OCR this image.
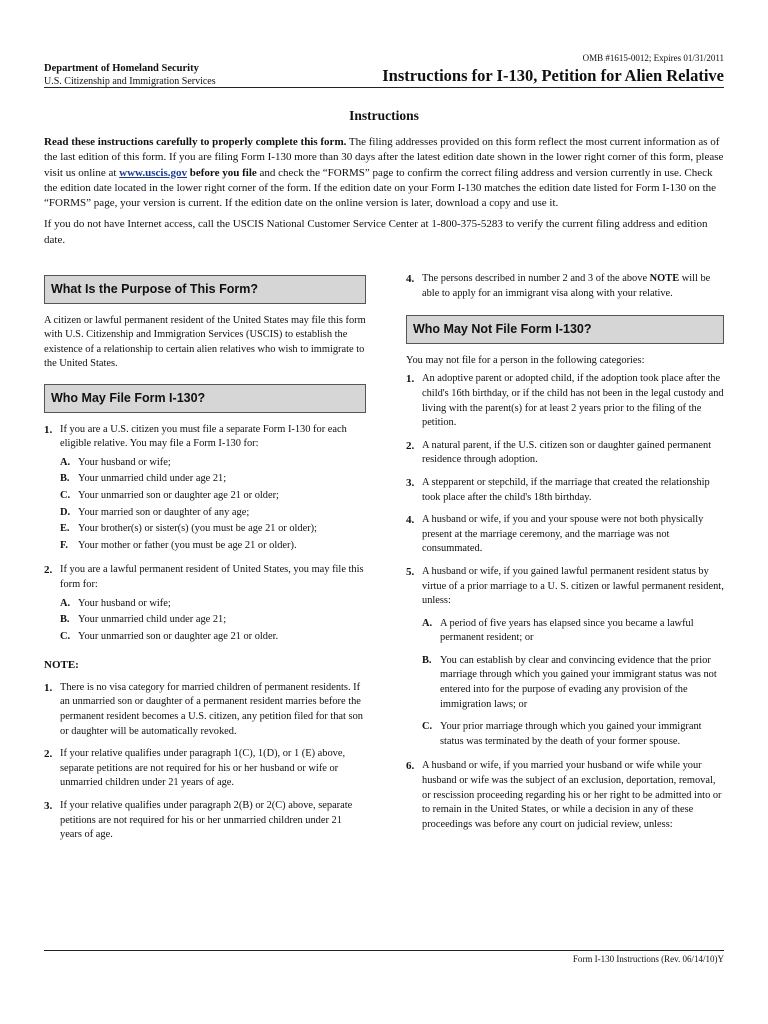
Department of Homeland Security
U.S. Citizenship and Immigration Services
OMB #1615-0012; Expires 01/31/2011
Instructions for I-130, Petition for Alien Relative
Instructions

Read these instructions carefully to properly complete this form. The filing addresses provided on this form reflect the most current information as of the last edition of this form. If you are filing Form I-130 more than 30 days after the latest edition date shown in the lower right corner of this form, please visit us online at www.uscis.gov before you file and check the “FORMS” page to confirm the correct filing address and version currently in use. Check the edition date located in the lower right corner of the form. If the edition date on your Form I-130 matches the edition date listed for Form I-130 on the “FORMS” page, your version is current. If the edition date on the online version is later, download a copy and use it.

If you do not have Internet access, call the USCIS National Customer Service Center at 1-800-375-5283 to verify the current filing address and edition date.

What Is the Purpose of This Form?

A citizen or lawful permanent resident of the United States may file this form with U.S. Citizenship and Immigration Services (USCIS) to establish the existence of a relationship to certain alien relatives who wish to immigrate to the United States.

Who May File Form I-130?
1. If you are a U.S. citizen you must file a separate Form I-130 for each eligible relative. You may file a Form I-130 for:
A. Your husband or wife;
B. Your unmarried child under age 21;
C. Your unmarried son or daughter age 21 or older;
D. Your married son or daughter of any age;
E. Your brother(s) or sister(s) (you must be age 21 or older);
F. Your mother or father (you must be age 21 or older).
2. If you are a lawful permanent resident of United States, you may file this form for:
A. Your husband or wife;
B. Your unmarried child under age 21;
C. Your unmarried son or daughter age 21 or older.
NOTE:
1. There is no visa category for married children of permanent residents. If an unmarried son or daughter of a permanent resident marries before the permanent resident becomes a U.S. citizen, any petition filed for that son or daughter will be automatically revoked.
2. If your relative qualifies under paragraph 1(C), 1(D), or 1 (E) above, separate petitions are not required for his or her husband or wife or unmarried children under 21 years of age.
3. If your relative qualifies under paragraph 2(B) or 2(C) above, separate petitions are not required for his or her unmarried children under 21 years of age.
4. The persons described in number 2 and 3 of the above NOTE will be able to apply for an immigrant visa along with your relative.
Who May Not File Form I-130?

You may not file for a person in the following categories:

1. An adoptive parent or adopted child, if the adoption took place after the child's 16th birthday, or if the child has not been in the legal custody and living with the parent(s) for at least 2 years prior to the filing of the petition.
2. A natural parent, if the U.S. citizen son or daughter gained permanent residence through adoption.
3. A stepparent or stepchild, if the marriage that created the relationship took place after the child's 18th birthday.
4. A husband or wife, if you and your spouse were not both physically present at the marriage ceremony, and the marriage was not consummated.
5. A husband or wife, if you gained lawful permanent resident status by virtue of a prior marriage to a U. S. citizen or lawful permanent resident, unless:
A. A period of five years has elapsed since you became a lawful permanent resident; or
B. You can establish by clear and convincing evidence that the prior marriage through which you gained your immigrant status was not entered into for the purpose of evading any provision of the immigration laws; or
C. Your prior marriage through which you gained your immigrant status was terminated by the death of your former spouse.
6. A husband or wife, if you married your husband or wife while your husband or wife was the subject of an exclusion, deportation, removal, or rescission proceeding regarding his or her right to be admitted into or to remain in the United States, or while a decision in any of these proceedings was before any court on judicial review, unless:
Form I-130 Instructions (Rev. 06/14/10)Y
